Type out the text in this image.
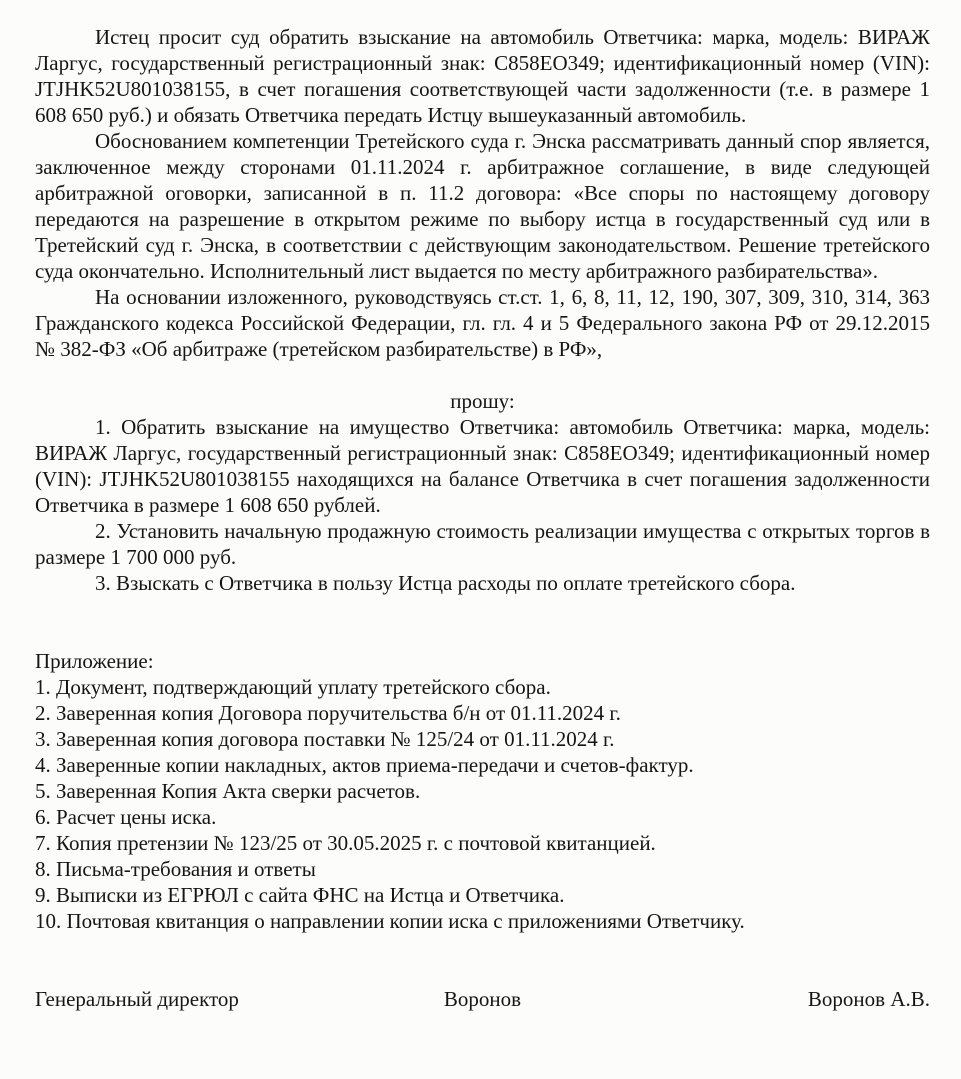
Истец просит суд обратить взыскание на автомобиль Ответчика: марка, модель: ВИРАЖ Ларгус, государственный регистрационный знак: С858ЕО349; идентификационный номер (VIN): JTJHK52U801038155, в счет погашения соответствующей части задолженности (т.е. в размере 1 608 650 руб.) и обязать Ответчика передать Истцу вышеуказанный автомобиль.

Обоснованием компетенции Третейского суда г. Энска рассматривать данный спор является, заключенное между сторонами 01.11.2024 г. арбитражное соглашение, в виде следующей арбитражной оговорки, записанной в п. 11.2 договора: «Все споры по настоящему договору передаются на разрешение в открытом режиме по выбору истца в государственный суд или в Третейский суд г. Энска, в соответствии с действующим законодательством. Решение третейского суда окончательно. Исполнительный лист выдается по месту арбитражного разбирательства».

На основании изложенного, руководствуясь ст.ст. 1, 6, 8, 11, 12, 190, 307, 309, 310, 314, 363 Гражданского кодекса Российской Федерации, гл. гл. 4 и 5 Федерального закона РФ от 29.12.2015 № 382-ФЗ «Об арбитраже (третейском разбирательстве) в РФ»,

прошу:

1. Обратить взыскание на имущество Ответчика: автомобиль Ответчика: марка, модель: ВИРАЖ Ларгус, государственный регистрационный знак: С858ЕО349; идентификационный номер (VIN): JTJHK52U801038155 находящихся на балансе Ответчика в счет погашения задолженности Ответчика в размере 1 608 650 рублей.

2. Установить начальную продажную стоимость реализации имущества с открытых торгов в размере 1 700 000 руб.

3. Взыскать с Ответчика в пользу Истца расходы по оплате третейского сбора.

Приложение:

1. Документ, подтверждающий уплату третейского сбора.

2. Заверенная копия Договора поручительства б/н от 01.11.2024 г.

3. Заверенная копия договора поставки № 125/24 от 01.11.2024 г.

4. Заверенные копии накладных, актов приема-передачи и счетов-фактур.

5. Заверенная Копия Акта сверки расчетов.

6. Расчет цены иска.

7. Копия претензии № 123/25 от 30.05.2025 г. с почтовой квитанцией.

8. Письма-требования и ответы

9. Выписки из ЕГРЮЛ с сайта ФНС на Истца и Ответчика.

10. Почтовая квитанция о направлении копии иска с приложениями Ответчику.

Генеральный директор	Воронов	Воронов А.В.
